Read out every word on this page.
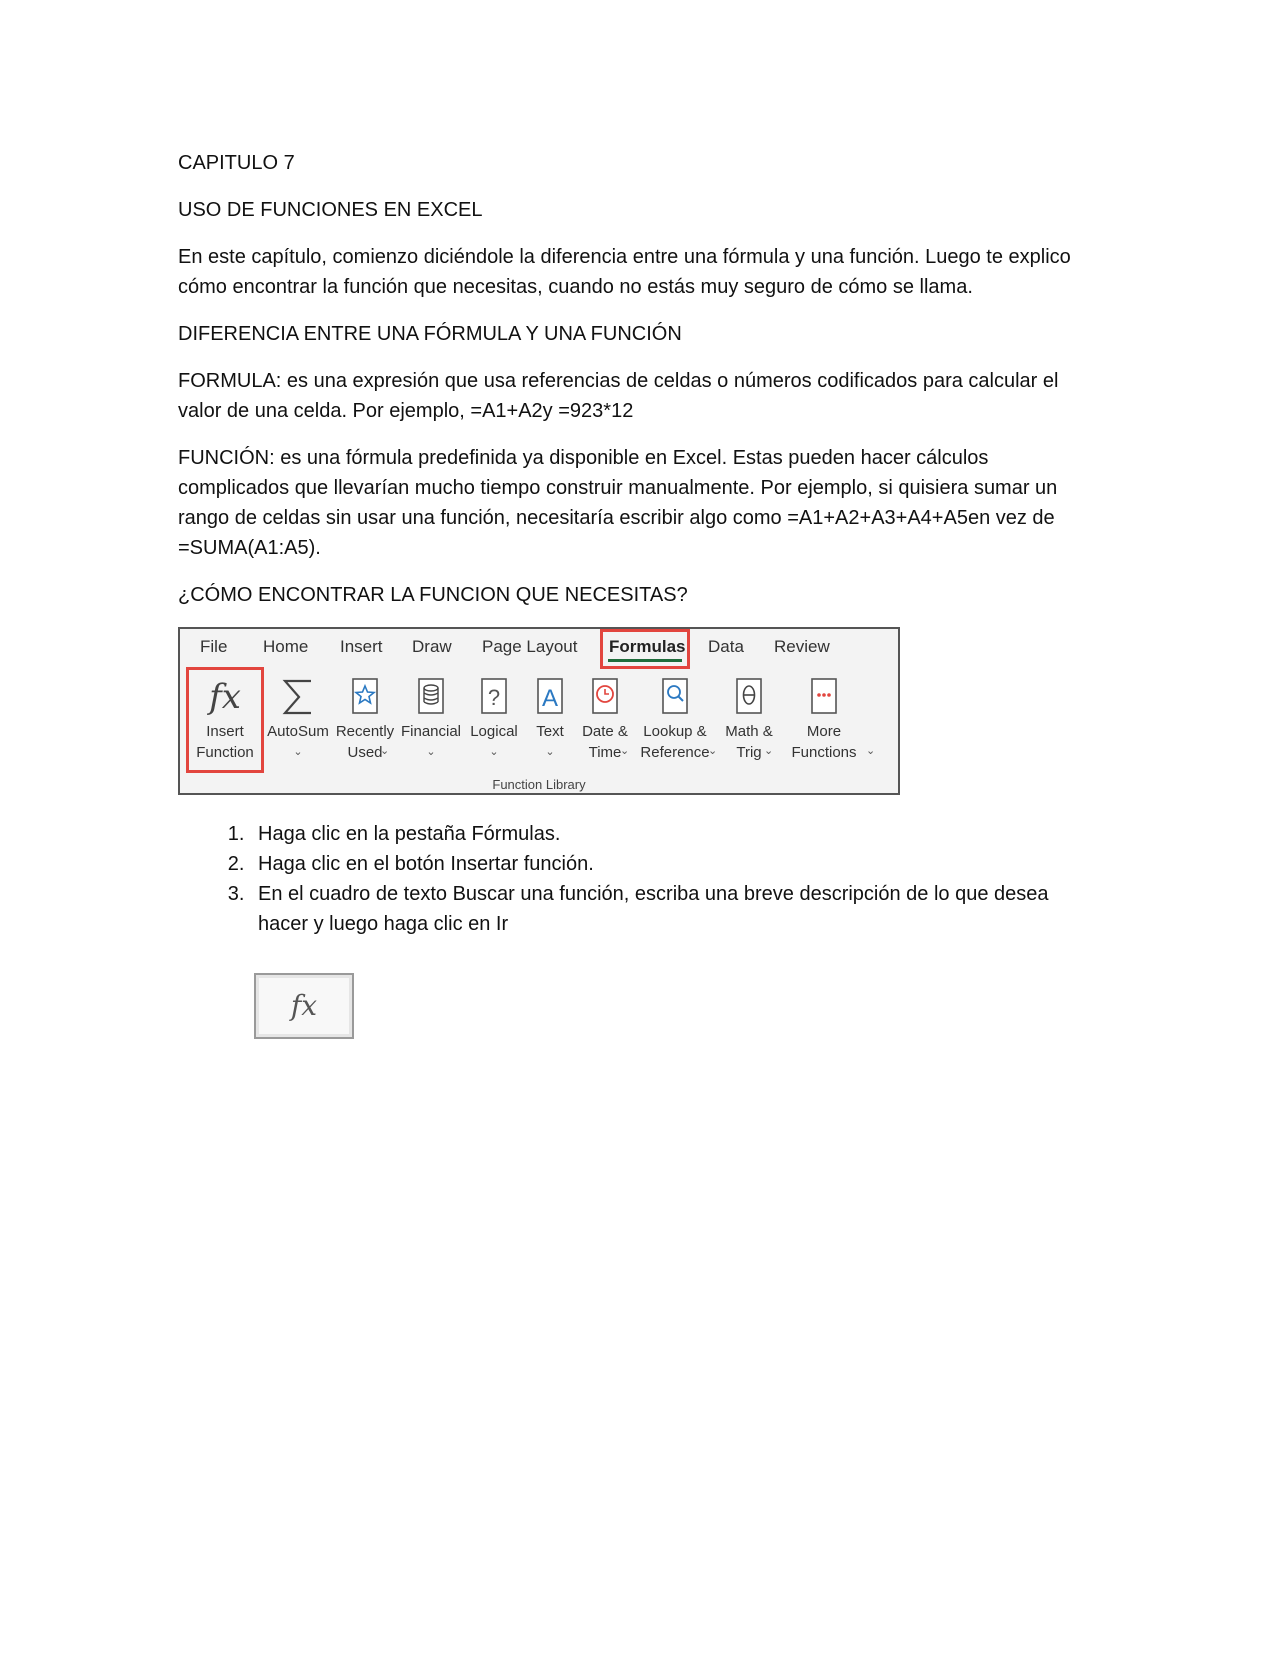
CAPITULO 7

USO DE FUNCIONES EN EXCEL

En este capítulo, comienzo diciéndole la diferencia entre una fórmula y una función. Luego te explico cómo encontrar la función que necesitas, cuando no estás muy seguro de cómo se llama.

DIFERENCIA ENTRE UNA FÓRMULA Y UNA FUNCIÓN

FORMULA: es una expresión que usa referencias de celdas o números codificados para calcular el valor de una celda. Por ejemplo, =A1+A2y =923*12

FUNCIÓN: es una fórmula predefinida ya disponible en Excel. Estas pueden hacer cálculos complicados que llevarían mucho tiempo construir manualmente. Por ejemplo, si quisiera sumar un rango de celdas sin usar una función, necesitaría escribir algo como =A1+A2+A3+A4+A5en vez de =SUMA(A1:A5).

¿CÓMO ENCONTRAR LA FUNCION QUE NECESITAS?

File Home Insert Draw Page Layout Formulas Data Review
fx
Insert
Function
AutoSum
⌄
Recently
Used
⌄
Financial
⌄
?
Logical
⌄
A
Text
⌄
Date &
Time
⌄
Lookup &
Reference
⌄
Math &
Trig ⌄
More
Functions ⌄
Function Library
1. Haga clic en la pestaña Fórmulas.
2. Haga clic en el botón Insertar función.
3. En el cuadro de texto Buscar una función, escriba una breve descripción de lo que desea hacer y luego haga clic en Ir
fx
